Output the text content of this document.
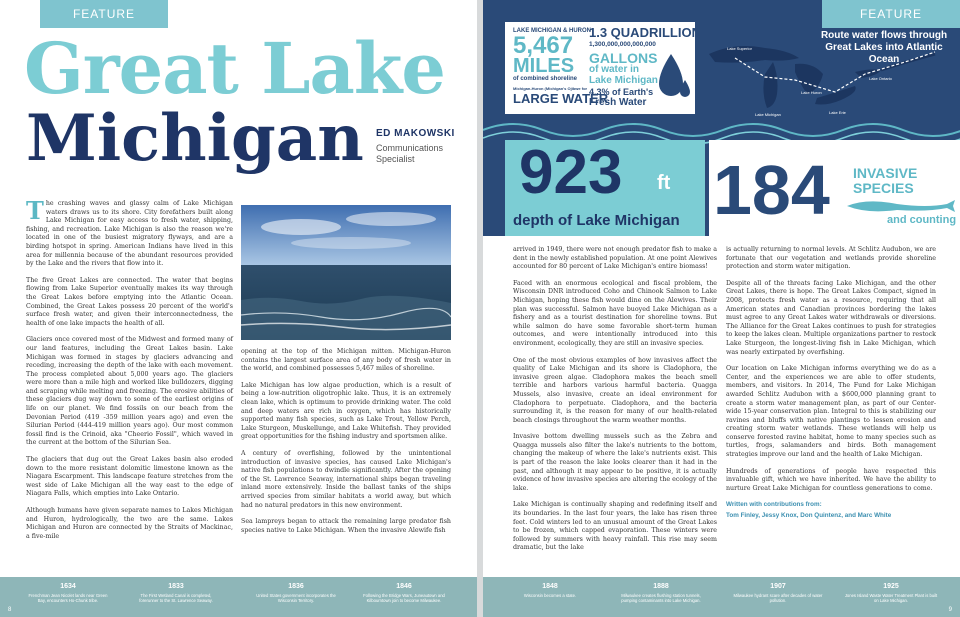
FEATURE
Great Lake
Michigan ED MAKOWSKI
Communications Specialist

The crashing waves and glassy calm of Lake Michigan waters draws us to its shore. City forefathers built along Lake Michigan for easy access to fresh water, shipping, fishing, and recreation. Lake Michigan is also the reason we're located in one of the busiest migratory flyways, and are a birding hotspot in spring. American Indians have lived in this area for millennia because of the abundant resources provided by the Lake and the rivers that flow into it.

The five Great Lakes are connected. The water that begins flowing from Lake Superior eventually makes its way through the Great Lakes before emptying into the Atlantic Ocean. Combined, the Great Lakes possess 20 percent of the world's surface fresh water, and given their interconnectedness, the health of one lake impacts the health of all.

Glaciers once covered most of the Midwest and formed many of our land features, including the Great Lakes basin. Lake Michigan was formed in stages by glaciers advancing and receding, increasing the depth of the lake with each movement. The process completed about 5,000 years ago. The glaciers were more than a mile high and worked like bulldozers, digging and scraping while melting and freezing. The erosive abilities of these glaciers dug way down to some of the earliest origins of life on our planet. We find fossils on our beach from the Devonian Period (419 -359 million years ago) and even the Silurian Period (444-419 million years ago). Our most common fossil find is the Crinoid, aka "Cheerio Fossil", which waved in the current at the bottom of the Silurian Sea.

The glaciers that dug out the Great Lakes basin also eroded down to the more resistant dolomitic limestone known as the Niagara Escarpment. This landscape feature stretches from the west side of Lake Michigan all the way east to the edge of Niagara Falls, which empties into Lake Ontario.

Although humans have given separate names to Lakes Michigan and Huron, hydrologically, the two are the same. Lakes Michigan and Huron are connected by the Straits of Mackinac, a five-mile

opening at the top of the Michigan mitten. Michigan-Huron contains the largest surface area of any body of fresh water in the world, and combined possesses 5,467 miles of shoreline.

Lake Michigan has low algae production, which is a result of being a low-nutrition oligotrophic lake. Thus, it is an extremely clean lake, which is optimum to provide drinking water. The cold and deep waters are rich in oxygen, which has historically supported many fish species, such as Lake Trout, Yellow Perch, Lake Sturgeon, Muskellunge, and Lake Whitefish. They provided great opportunities for the fishing industry and sportsmen alike.

A century of overfishing, followed by the unintentional introduction of invasive species, has caused Lake Michigan's native fish populations to dwindle significantly. After the opening of the St. Lawrence Seaway, international ships began traveling inland more extensively. Inside the ballast tanks of the ships arrived species from similar habitats a world away, but which had no natural predators in this new environment.

Sea lampreys began to attack the remaining large predator fish species native to Lake Michigan. When the invasive Alewife fish

1634
Frenchman Jean Nicolet lands near Green Bay, encounters Ho-Chunk tribe.
1833
The First Wetland Canal is completed, forerunner to the St. Lawrence Seaway.
1836
United States government incorporates the Wisconsin Territory.
1846
Following the Bridge Wars, Juneautown and Kilbourntown join to become Milwaukee.
8
Route water flows through Great Lakes into Atlantic Ocean
Lake Superior
Lake Michigan
Lake Huron
Lake Ontario
Lake Erie
LAKE MICHIGAN & HURON
5,467
MILES
of combined shoreline
Michigan-Huron (Michigan's Ojibwe for
LARGE WATER
1.3 QUADRILLION
1,300,000,000,000,000
GALLONS
of water in
Lake Michigan
4.3% of Earth's
Fresh Water
923 ft
depth of Lake Michigan 184 INVASIVE
SPECIES
and counting
FEATURE

arrived in 1949, there were not enough predator fish to make a dent in the newly established population. At one point Alewives accounted for 80 percent of Lake Michigan's entire biomass!

Faced with an enormous ecological and fiscal problem, the Wisconsin DNR introduced Coho and Chinook Salmon to Lake Michigan, hoping these fish would dine on the Alewives. Their plan was successful. Salmon have buoyed Lake Michigan as a fishery and as a tourist destination for shoreline towns. But while salmon do have some favorable short-term human outcomes, and were intentionally introduced into this environment, ecologically, they are still an invasive species.

One of the most obvious examples of how invasives affect the quality of Lake Michigan and its shore is Cladophora, the invasive green algae. Cladophora makes the beach smell terrible and harbors various harmful bacteria. Quagga Mussels, also invasive, create an ideal environment for Cladophora to perpetuate. Cladophora, and the bacteria surrounding it, is the reason for many of our health-related beach closings throughout the warm weather months.

Invasive bottom dwelling mussels such as the Zebra and Quagga mussels also filter the lake's nutrients to the bottom, changing the makeup of where the lake's nutrients exist. This is part of the reason the lake looks clearer than it had in the past, and although it may appear to be positive, it is actually evidence of how invasive species are altering the ecology of the lake.

Lake Michigan is continually shaping and redefining itself and its boundaries. In the last four years, the lake has risen three feet. Cold winters led to an unusual amount of the Great Lakes to be frozen, which capped evaporation. These winters were followed by summers with heavy rainfall. This rise may seem dramatic, but the lake

is actually returning to normal levels. At Schlitz Audubon, we are fortunate that our vegetation and wetlands provide shoreline protection and storm water mitigation.

Despite all of the threats facing Lake Michigan, and the other Great Lakes, there is hope. The Great Lakes Compact, signed in 2008, protects fresh water as a resource, requiring that all American states and Canadian provinces bordering the lakes must agree to any Great Lakes water withdrawals or diversions. The Alliance for the Great Lakes continues to push for strategies to keep the lakes clean. Multiple organizations partner to restock Lake Sturgeon, the longest-living fish in Lake Michigan, which was nearly extirpated by overfishing.

Our location on Lake Michigan informs everything we do as a Center, and the experiences we are able to offer students, members, and visitors. In 2014, The Fund for Lake Michigan awarded Schlitz Audubon with a $600,000 planning grant to create a storm water management plan, as part of our Center-wide 15-year conservation plan. Integral to this is stabilizing our ravines and bluffs with native plantings to lessen erosion and creating storm water wetlands. These wetlands will help us conserve forested ravine habitat, home to many species such as turtles, frogs, salamanders and birds. Both management strategies improve our land and the health of Lake Michigan.

Hundreds of generations of people have respected this invaluable gift, which we have inherited. We have the ability to nurture Great Lake Michigan for countless generations to come.

Written with contributions from:

Tom Finley, Jessy Knox, Don Quintenz, and Marc White

1848
Wisconsin becomes a state.
1888
Milwaukee creates flushing station tunnels, pumping contaminants into Lake Michigan.
1907
Milwaukee hydrant scare after decades of water pollution.
1925
Jones Island Waste Water Treatment Plant is built on Lake Michigan.
9
